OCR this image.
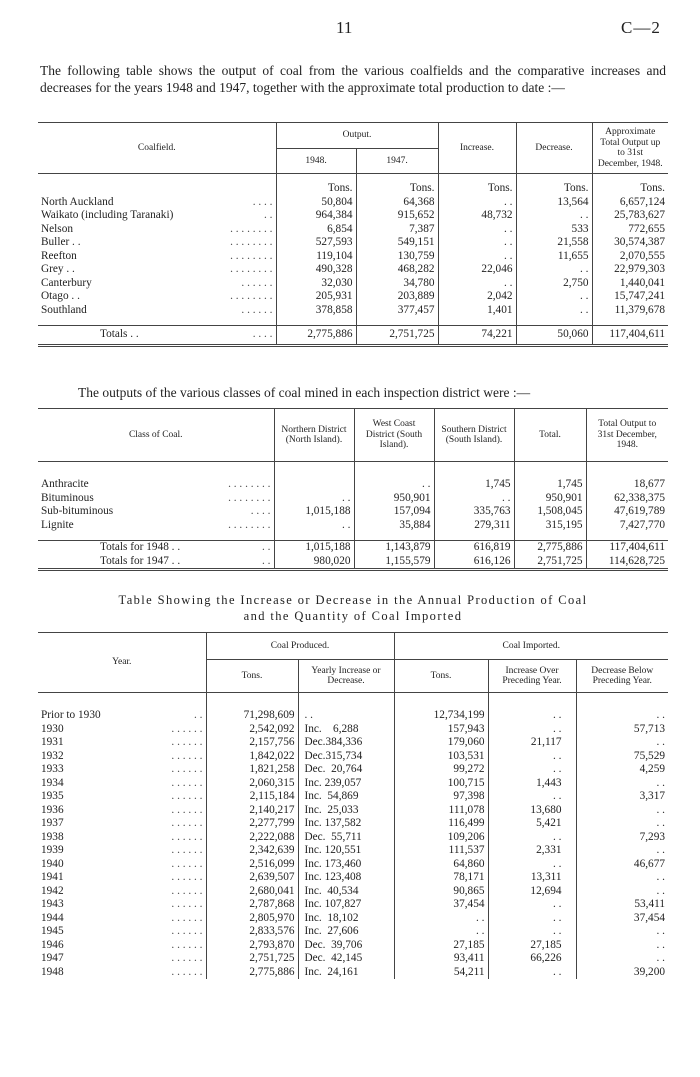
11	C—2
The following table shows the output of coal from the various coalfields and the comparative increases and decreases for the years 1948 and 1947, together with the approximate total production to date :—
Coalfield.	Output.		Increase.	Decrease.	Approximate Total Output up to 31st December, 1948.
	1948.	1947.			

	Tons.	Tons.	Tons.	Tons.	Tons.
North Auckland . . . .	50,804	64,368	. .	13,564	6,657,124
Waikato (including Taranaki) . .	964,384	915,652	48,732	. .	25,783,627
Nelson . . . . . . . .	6,854	7,387	. .	533	772,655
Buller . . . . . . . . . .	527,593	549,151	. .	21,558	30,574,387
Reefton . . . . . . . .	119,104	130,759	. .	11,655	2,070,555
Grey . . . . . . . . . .	490,328	468,282	22,046	. .	22,979,303
Canterbury . . . . . .	32,030	34,780	. .	2,750	1,440,041
Otago . . . . . . . . . .	205,931	203,889	2,042	. .	15,747,241
Southland . . . . . .	378,858	377,457	1,401	. .	11,379,678

Totals . . . . . .	2,775,886	2,751,725	74,221	50,060	117,404,611
The outputs of the various classes of coal mined in each inspection district were :—
Class of Coal.	Northern District (North Island).	West Coast District (South Island).	Southern District (South Island).	Total.	Total Output to 31st December, 1948.

Anthracite . . . . . . . .		. .	1,745	1,745	18,677
Bituminous . . . . . . . .	. .	950,901	. .	950,901	62,338,375
Sub-bituminous . . . .	1,015,188	157,094	335,763	1,508,045	47,619,789
Lignite . . . . . . . .	. .	35,884	279,311	315,195	7,427,770

Totals for 1948 . . . .	1,015,188	1,143,879	616,819	2,775,886	117,404,611
Totals for 1947 . . . .	980,020	1,155,579	616,126	2,751,725	114,628,725
Table Showing the Increase or Decrease in the Annual Production of Coal
and the Quantity of Coal Imported
Year.	Coal Produced.		Coal Imported.		
	Tons.	Yearly Increase or Decrease.	Tons.	Increase Over Preceding Year.	Decrease Below Preceding Year.

Prior to 1930 . .	71,298,609	. .	12,734,199	. .	. .
1930 . . . . . .	2,542,092	Inc.    6,288	157,943	. .	57,713
1931 . . . . . .	2,157,756	Dec.384,336	179,060	21,117	. .
1932 . . . . . .	1,842,022	Dec.315,734	103,531	. .	75,529
1933 . . . . . .	1,821,258	Dec.  20,764	99,272	. .	4,259
1934 . . . . . .	2,060,315	Inc. 239,057	100,715	1,443	. .
1935 . . . . . .	2,115,184	Inc.  54,869	97,398	. .	3,317
1936 . . . . . .	2,140,217	Inc.  25,033	111,078	13,680	. .
1937 . . . . . .	2,277,799	Inc. 137,582	116,499	5,421	. .
1938 . . . . . .	2,222,088	Dec.  55,711	109,206	. .	7,293
1939 . . . . . .	2,342,639	Inc. 120,551	111,537	2,331	. .
1940 . . . . . .	2,516,099	Inc. 173,460	64,860	. .	46,677
1941 . . . . . .	2,639,507	Inc. 123,408	78,171	13,311	. .
1942 . . . . . .	2,680,041	Inc.  40,534	90,865	12,694	. .
1943 . . . . . .	2,787,868	Inc. 107,827	37,454	. .	53,411
1944 . . . . . .	2,805,970	Inc.  18,102	. .	. .	37,454
1945 . . . . . .	2,833,576	Inc.  27,606	. .	. .	. .
1946 . . . . . .	2,793,870	Dec.  39,706	27,185	27,185	. .
1947 . . . . . .	2,751,725	Dec.  42,145	93,411	66,226	. .
1948 . . . . . .	2,775,886	Inc.  24,161	54,211	. .	39,200
